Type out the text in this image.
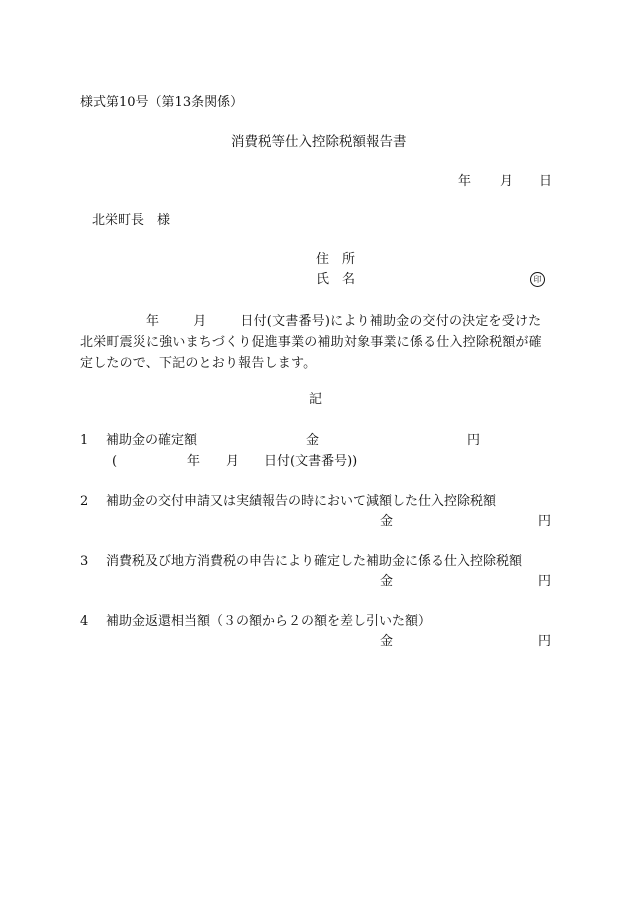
様式第10号（第13条関係）
消費税等仕入控除税額報告書
年 月 日
北栄町長　様
住　所
氏　名	印
年	月	日付(文書番号)により補助金の交付の決定を受けた北栄町震災に強いまちづくり促進事業の補助対象事業に係る仕入控除税額が確定したので、下記のとおり報告します。
記
1 補助金の確定額	金	円
(	年 月 日付(文書番号))
2 補助金の交付申請又は実績報告の時において減額した仕入控除税額
金	円
3 消費税及び地方消費税の申告により確定した補助金に係る仕入控除税額
金	円
4 補助金返還相当額（３の額から２の額を差し引いた額）
金	円
